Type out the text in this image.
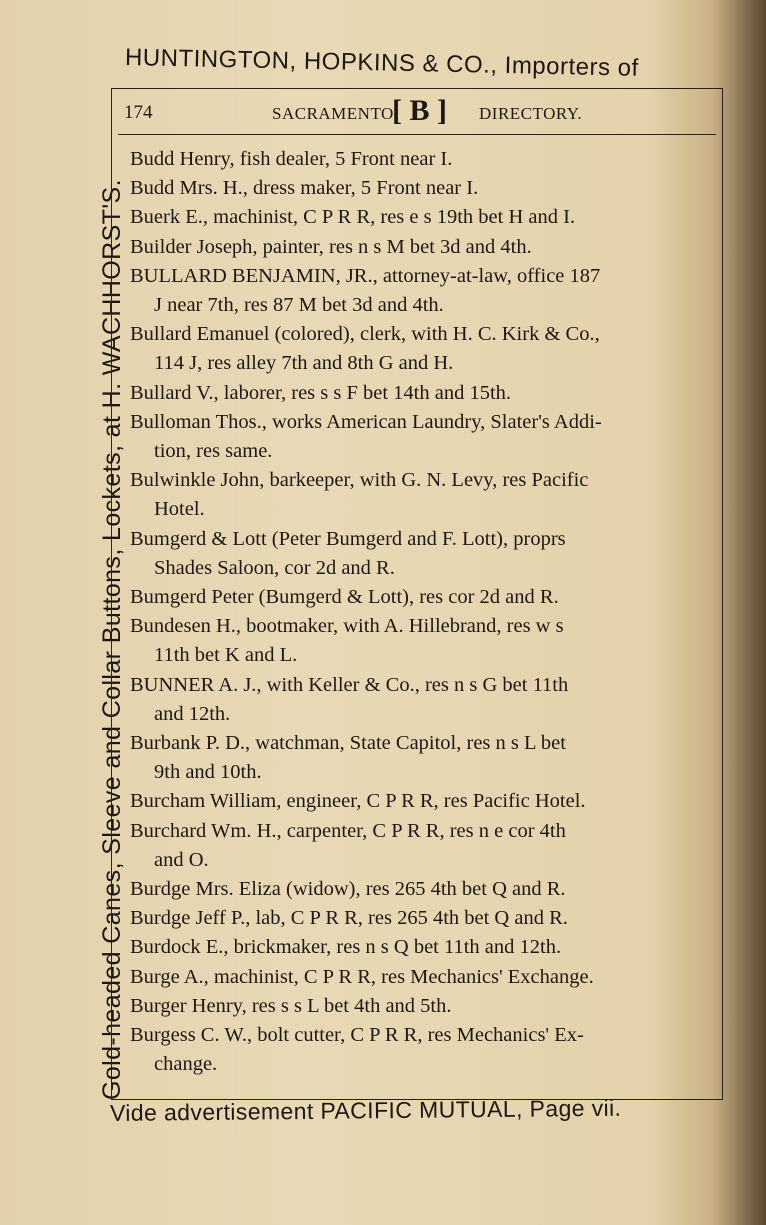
HUNTINGTON, HOPKINS & CO., Importers of
Gold-headed Canes, Sleeve and Collar Buttons, Lockets, at H. WACHHORST'S.
174	SACRAMENTO
[ B ] DIRECTORY.
Budd Henry, fish dealer, 5 Front near I.
Budd Mrs. H., dress maker, 5 Front near I.
Buerk E., machinist, C P R R, res e s 19th bet H and I.
Builder Joseph, painter, res n s M bet 3d and 4th.
BULLARD BENJAMIN, JR., attorney-at-law, office 187
J near 7th, res 87 M bet 3d and 4th.
Bullard Emanuel (colored), clerk, with H. C. Kirk & Co.,
114 J, res alley 7th and 8th G and H.
Bullard V., laborer, res s s F bet 14th and 15th.
Bulloman Thos., works American Laundry, Slater's Addi-
tion, res same.
Bulwinkle John, barkeeper, with G. N. Levy, res Pacific
Hotel.
Bumgerd & Lott (Peter Bumgerd and F. Lott), proprs
Shades Saloon, cor 2d and R.
Bumgerd Peter (Bumgerd & Lott), res cor 2d and R.
Bundesen H., bootmaker, with A. Hillebrand, res w s
11th bet K and L.
BUNNER A. J., with Keller & Co., res n s G bet 11th
and 12th.
Burbank P. D., watchman, State Capitol, res n s L bet
9th and 10th.
Burcham William, engineer, C P R R, res Pacific Hotel.
Burchard Wm. H., carpenter, C P R R, res n e cor 4th
and O.
Burdge Mrs. Eliza (widow), res 265 4th bet Q and R.
Burdge Jeff P., lab, C P R R, res 265 4th bet Q and R.
Burdock E., brickmaker, res n s Q bet 11th and 12th.
Burge A., machinist, C P R R, res Mechanics' Exchange.
Burger Henry, res s s L bet 4th and 5th.
Burgess C. W., bolt cutter, C P R R, res Mechanics' Ex-
change.
Vide advertisement PACIFIC MUTUAL, Page vii.
